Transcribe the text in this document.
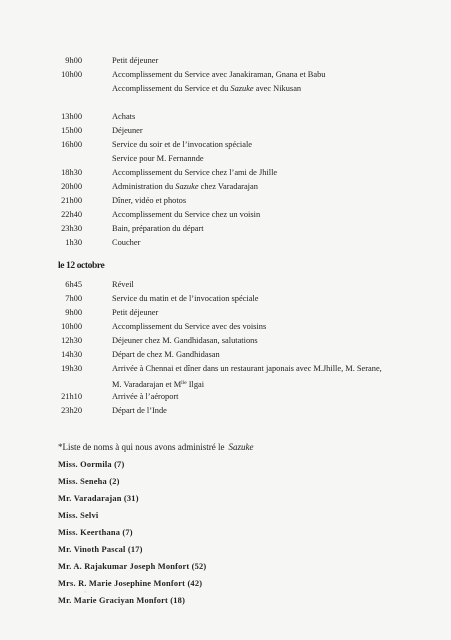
9h00	Petit déjeuner
10h00	Accomplissement du Service avec Janakiraman, Gnana et Babu
Accomplissement du Service et du Sazuke avec Nikusan
13h00	Achats
15h00	Déjeuner
16h00	Service du soir et de l’invocation spéciale
Service pour M. Fernannde
18h30	Accomplissement du Service chez l’ami de Jhille
20h00	Administration du Sazuke chez Varadarajan
21h00	Dîner, vidéo et photos
22h40	Accomplissement du Service chez un voisin
23h30	Bain, préparation du départ
1h30	Coucher
le 12 octobre
6h45	Réveil
7h00	Service du matin et de l’invocation spéciale
9h00	Petit déjeuner
10h00	Accomplissement du Service avec des voisins
12h30	Déjeuner chez M. Gandhidasan, salutations
14h30	Départ de chez M. Gandhidasan
19h30	Arrivée à Chennai et dîner dans un restaurant japonais avec M.Jhille, M. Serane,
M. Varadarajan et $M^{lle}$ Ilgai
21h10	Arrivée à l’aéroport
23h20	Départ de l’Inde
*Liste de noms à qui nous avons administré le Sazuke
Miss. Oormila (7)
Miss. Seneha (2)
Mr. Varadarajan (31)
Miss. Selvi
Miss. Keerthana (7)
Mr. Vinoth Pascal (17)
Mr. A. Rajakumar Joseph Monfort (52)
Mrs. R. Marie Josephine Monfort (42)
Mr. Marie Graciyan Monfort (18)
◦
